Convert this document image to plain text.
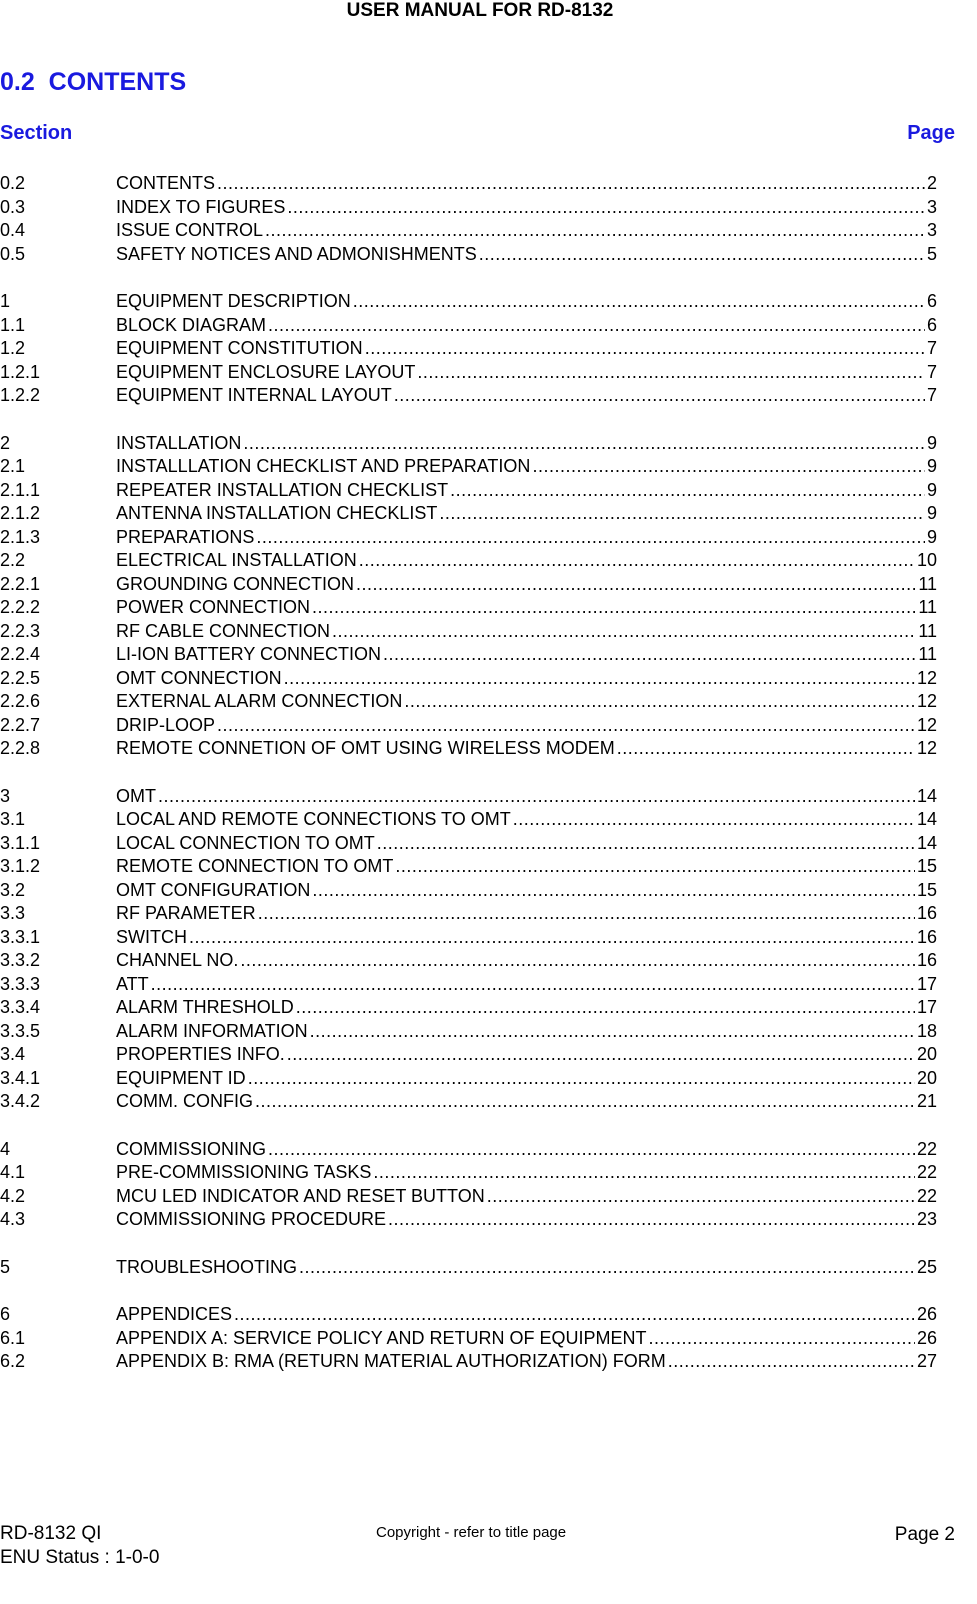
USER MANUAL FOR RD-8132
0.2 CONTENTS
Section	Page
0.2	CONTENTS .....	2
0.3	INDEX TO FIGURES .....	3
0.4	ISSUE CONTROL .....	3
0.5	SAFETY NOTICES AND ADMONISHMENTS .....	5
1	EQUIPMENT DESCRIPTION .....	6
1.1	BLOCK DIAGRAM .....	6
1.2	EQUIPMENT CONSTITUTION .....	7
1.2.1	EQUIPMENT ENCLOSURE LAYOUT .....	7
1.2.2	EQUIPMENT INTERNAL LAYOUT .....	7
2	INSTALLATION .....	9
2.1	INSTALLLATION CHECKLIST AND PREPARATION .....	9
2.1.1	REPEATER INSTALLATION CHECKLIST .....	9
2.1.2	ANTENNA INSTALLATION CHECKLIST .....	9
2.1.3	PREPARATIONS .....	9
2.2	ELECTRICAL INSTALLATION .....	10
2.2.1	GROUNDING CONNECTION .....	11
2.2.2	POWER CONNECTION .....	11
2.2.3	RF CABLE CONNECTION .....	11
2.2.4	LI-ION BATTERY CONNECTION .....	11
2.2.5	OMT CONNECTION .....	12
2.2.6	EXTERNAL ALARM CONNECTION .....	12
2.2.7	DRIP-LOOP .....	12
2.2.8	REMOTE CONNETION OF OMT USING WIRELESS MODEM .....	12
3	OMT .....	14
3.1	LOCAL AND REMOTE CONNECTIONS TO OMT .....	14
3.1.1	LOCAL CONNECTION TO OMT .....	14
3.1.2	REMOTE CONNECTION TO OMT .....	15
3.2	OMT CONFIGURATION .....	15
3.3	RF PARAMETER .....	16
3.3.1	SWITCH .....	16
3.3.2	CHANNEL NO. .....	16
3.3.3	ATT .....	17
3.3.4	ALARM THRESHOLD .....	17
3.3.5	ALARM INFORMATION .....	18
3.4	PROPERTIES INFO. .....	20
3.4.1	EQUIPMENT ID .....	20
3.4.2	COMM. CONFIG .....	21
4	COMMISSIONING .....	22
4.1	PRE-COMMISSIONING TASKS .....	22
4.2	MCU LED INDICATOR AND RESET BUTTON .....	22
4.3	COMMISSIONING PROCEDURE .....	23
5	TROUBLESHOOTING .....	25
6	APPENDICES .....	26
6.1	APPENDIX A: SERVICE POLICY AND RETURN OF EQUIPMENT .....	26
6.2	APPENDIX B: RMA (RETURN MATERIAL AUTHORIZATION) FORM .....	27
RD-8132 QI
ENU Status : 1-0-0
Copyright - refer to title page	Page 2
